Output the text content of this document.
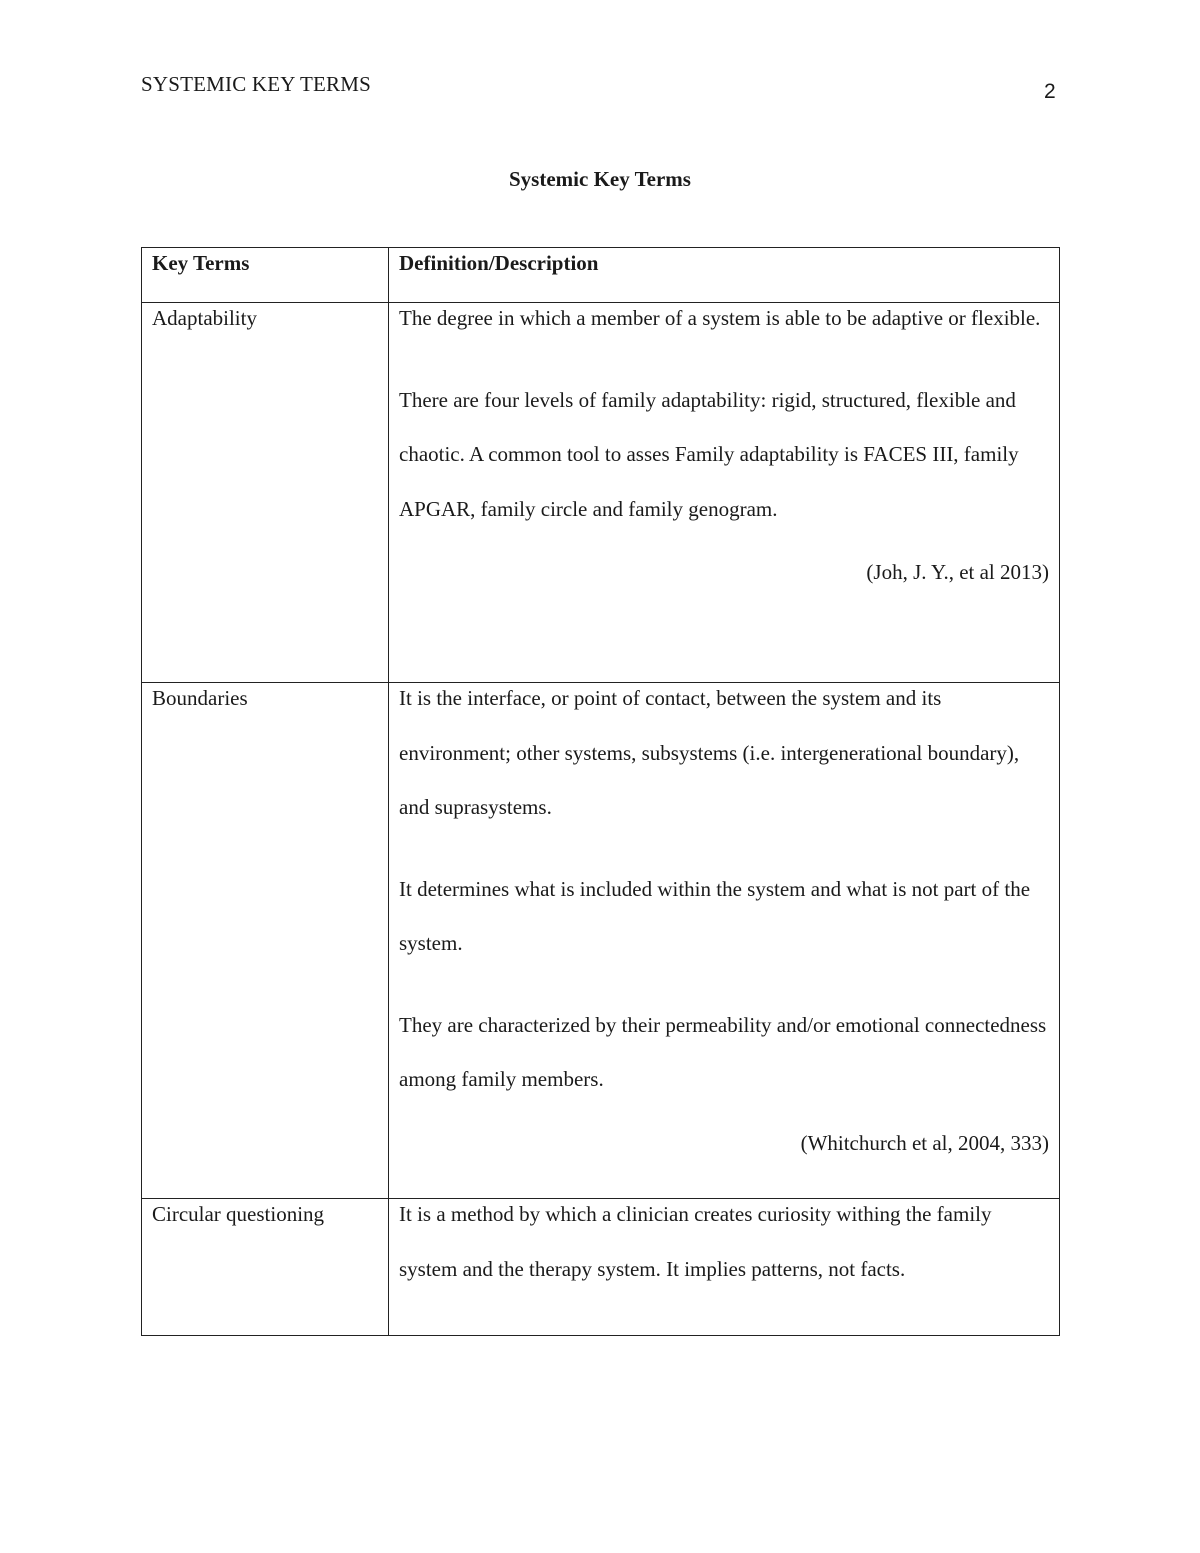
SYSTEMIC KEY TERMS	2
Systemic Key Terms
Key Terms	Definition/Description
Adaptability	The degree in which a member of a system is able to be adaptive or flexible.

There are four levels of family adaptability: rigid, structured, flexible and chaotic. A common tool to asses Family adaptability is FACES III, family APGAR, family circle and family genogram.

(Joh, J. Y., et al 2013)

Boundaries	It is the interface, or point of contact, between the system and its environment; other systems, subsystems (i.e. intergenerational boundary), and suprasystems.

It determines what is included within the system and what is not part of the system.

They are characterized by their permeability and/or emotional connectedness among family members.

(Whitchurch et al, 2004, 333)

Circular questioning	It is a method by which a clinician creates curiosity withing the family system and the therapy system. It implies patterns, not facts.
